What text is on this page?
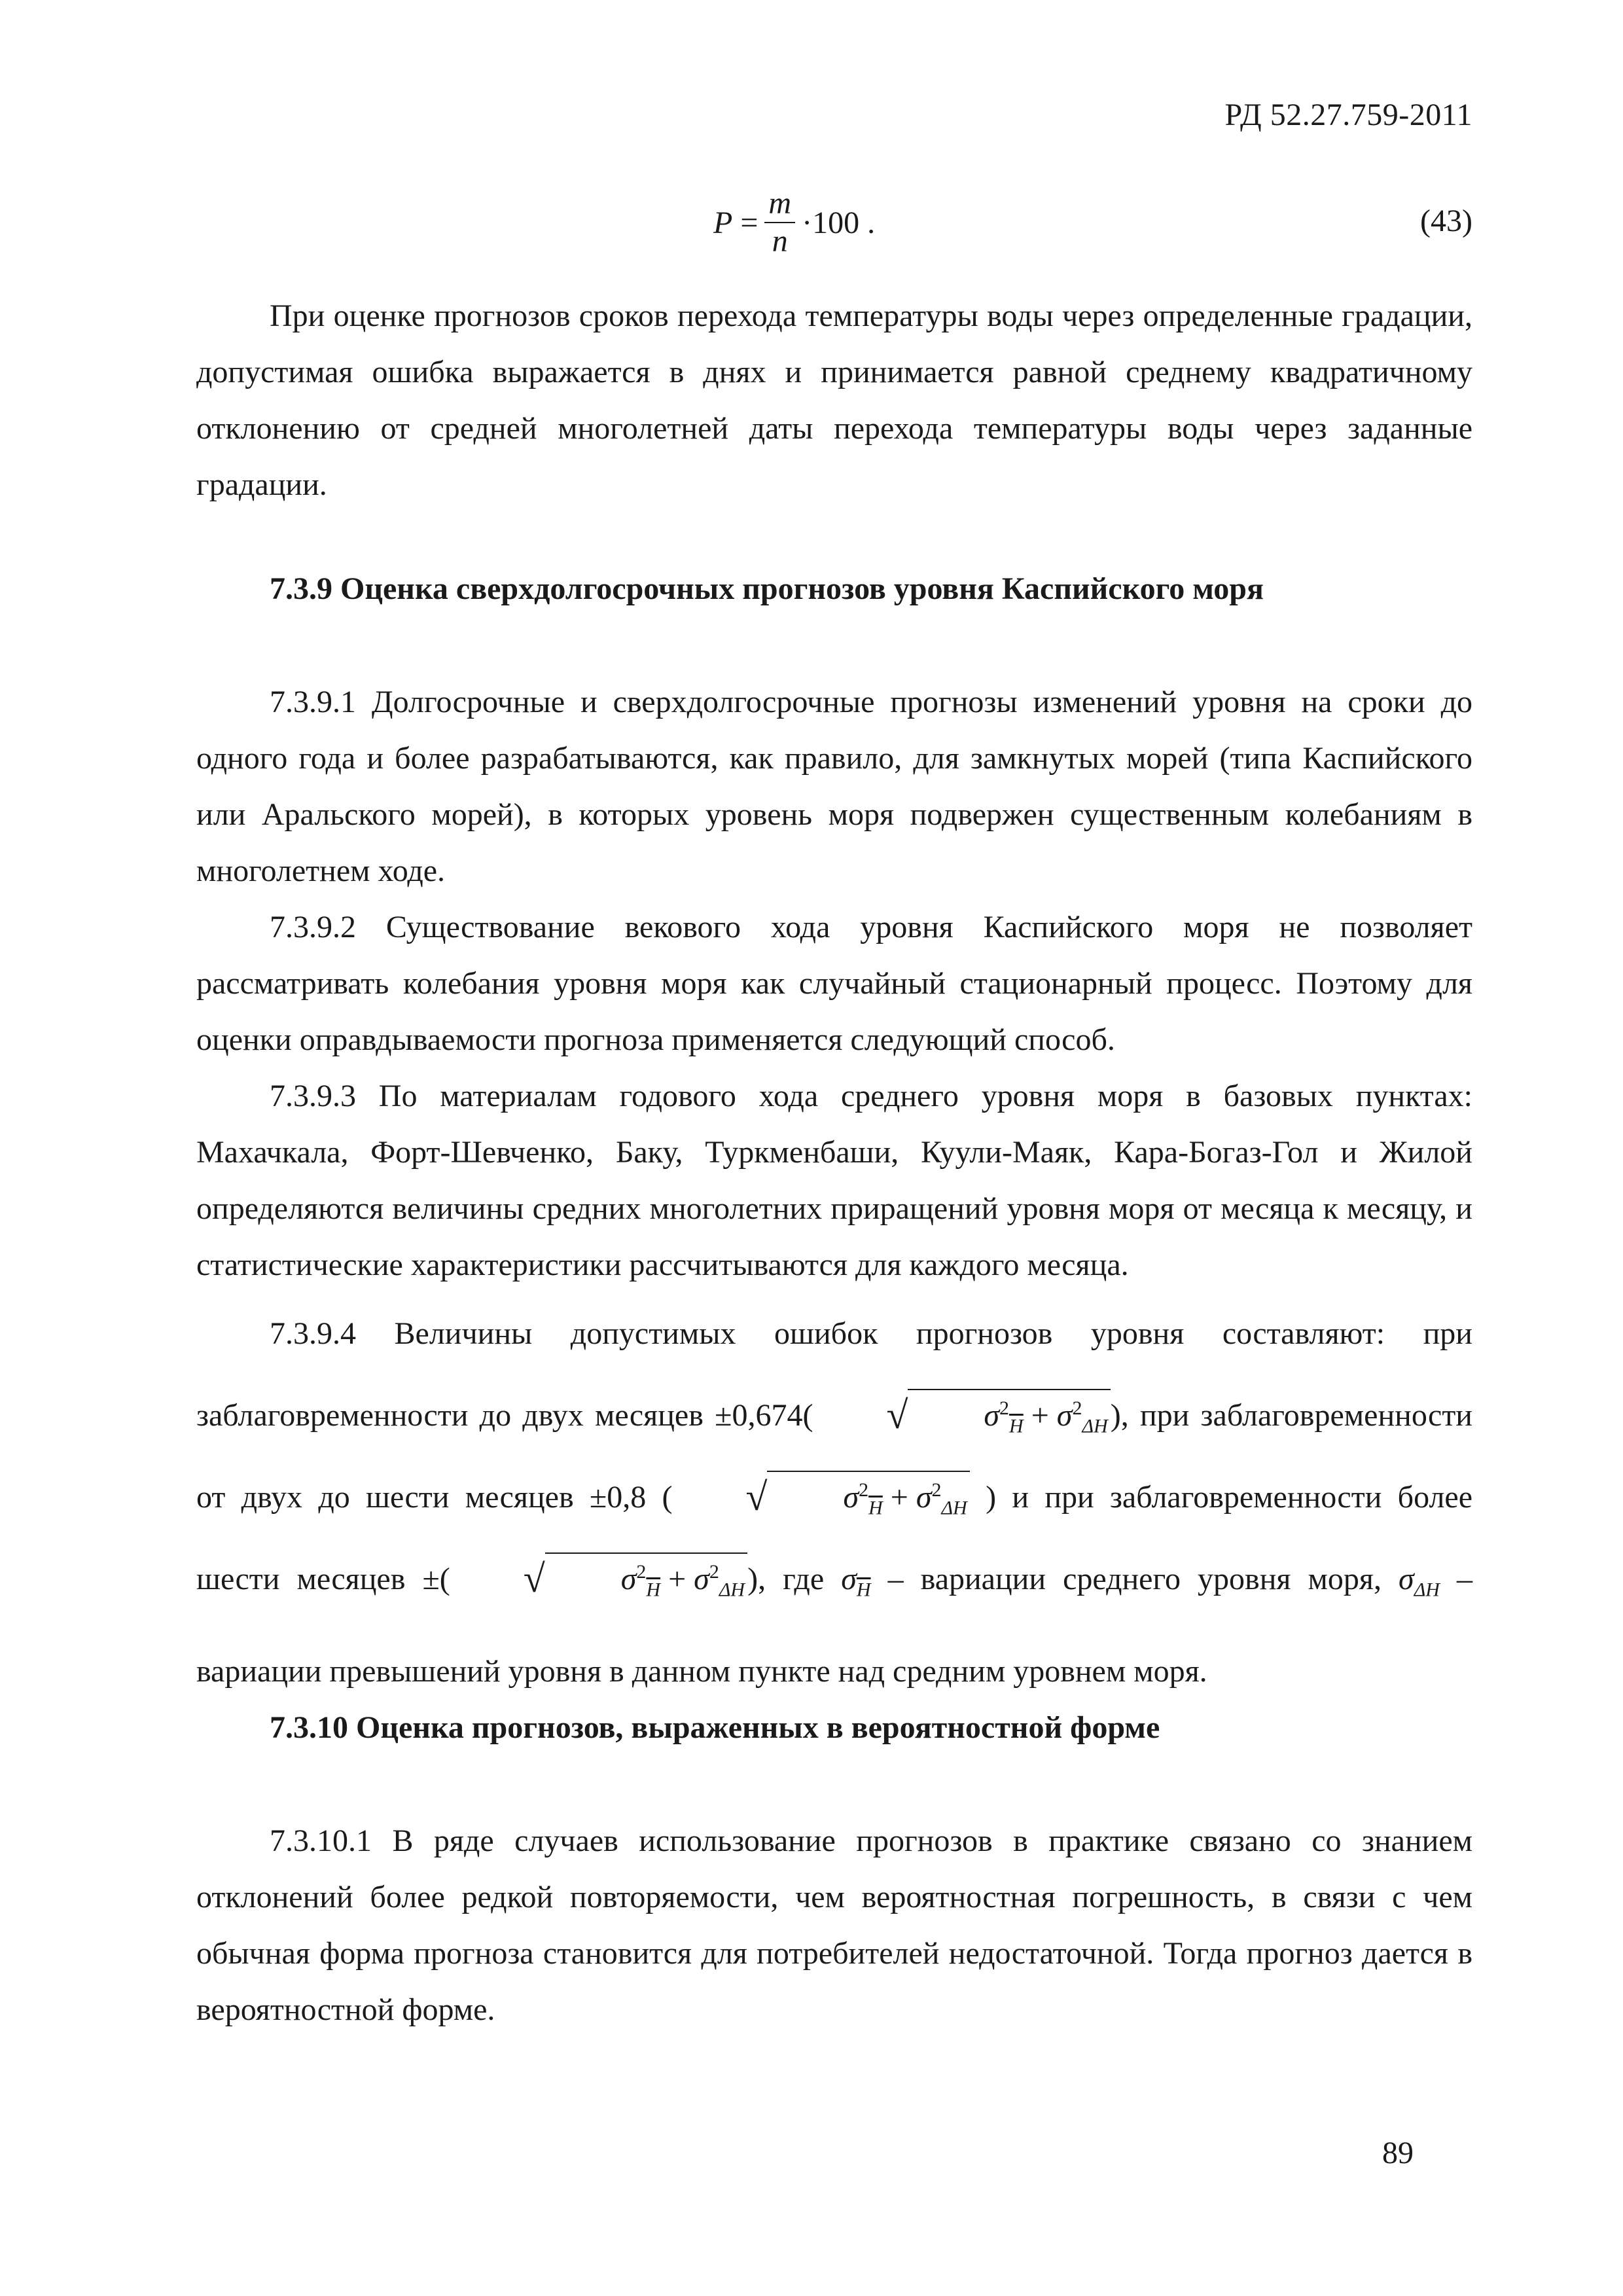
РД 52.27.759-2011
$P = \frac{m}{n} \cdot 100$ .	(43)

При оценке прогнозов сроков перехода температуры воды через определенные градации, допустимая ошибка выражается в днях и принимается равной среднему квадратичному отклонению от средней многолетней даты перехода температуры воды через заданные градации.

7.3.9 Оценка сверхдолгосрочных прогнозов уровня Каспийского моря

7.3.9.1 Долгосрочные и сверхдолгосрочные прогнозы изменений уровня на сроки до одного года и более разрабатываются, как правило, для замкнутых морей (типа Каспийского или Аральского морей), в которых уровень моря подвержен существенным колебаниям в многолетнем ходе.

7.3.9.2 Существование векового хода уровня Каспийского моря не позволяет рассматривать колебания уровня моря как случайный стационарный процесс. Поэтому для оценки оправдываемости прогноза применяется следующий способ.

7.3.9.3 По материалам годового хода среднего уровня моря в базовых пунктах: Махачкала, Форт-Шевченко, Баку, Туркменбаши, Куули-Маяк, Кара-Богаз-Гол и Жилой определяются величины средних многолетних приращений уровня моря от месяца к месяцу, и статистические характеристики рассчитываются для каждого месяца.

7.3.9.4 Величины допустимых ошибок прогнозов уровня составляют: при заблаговременности до двух месяцев ±0,674( √ $\sigma^2_{\overline{H}} + \sigma^2_{\Delta H}$), при заблаговременности от двух до шести месяцев ±0,8 ( √ $\sigma^2_{\overline{H}} + \sigma^2_{\Delta H}$ ) и при заблаговременности более шести месяцев ±( √ $\sigma^2_{\overline{H}} + \sigma^2_{\Delta H}$), где $\sigma_{\overline{H}}$ – вариации среднего уровня моря, $\sigma_{\Delta H}$ – вариации превышений уровня в данном пункте над средним уровнем моря.

7.3.10 Оценка прогнозов, выраженных в вероятностной форме

7.3.10.1 В ряде случаев использование прогнозов в практике связано со знанием отклонений более редкой повторяемости, чем вероятностная погрешность, в связи с чем обычная форма прогноза становится для потребителей недостаточной. Тогда прогноз дается в вероятностной форме.

89
